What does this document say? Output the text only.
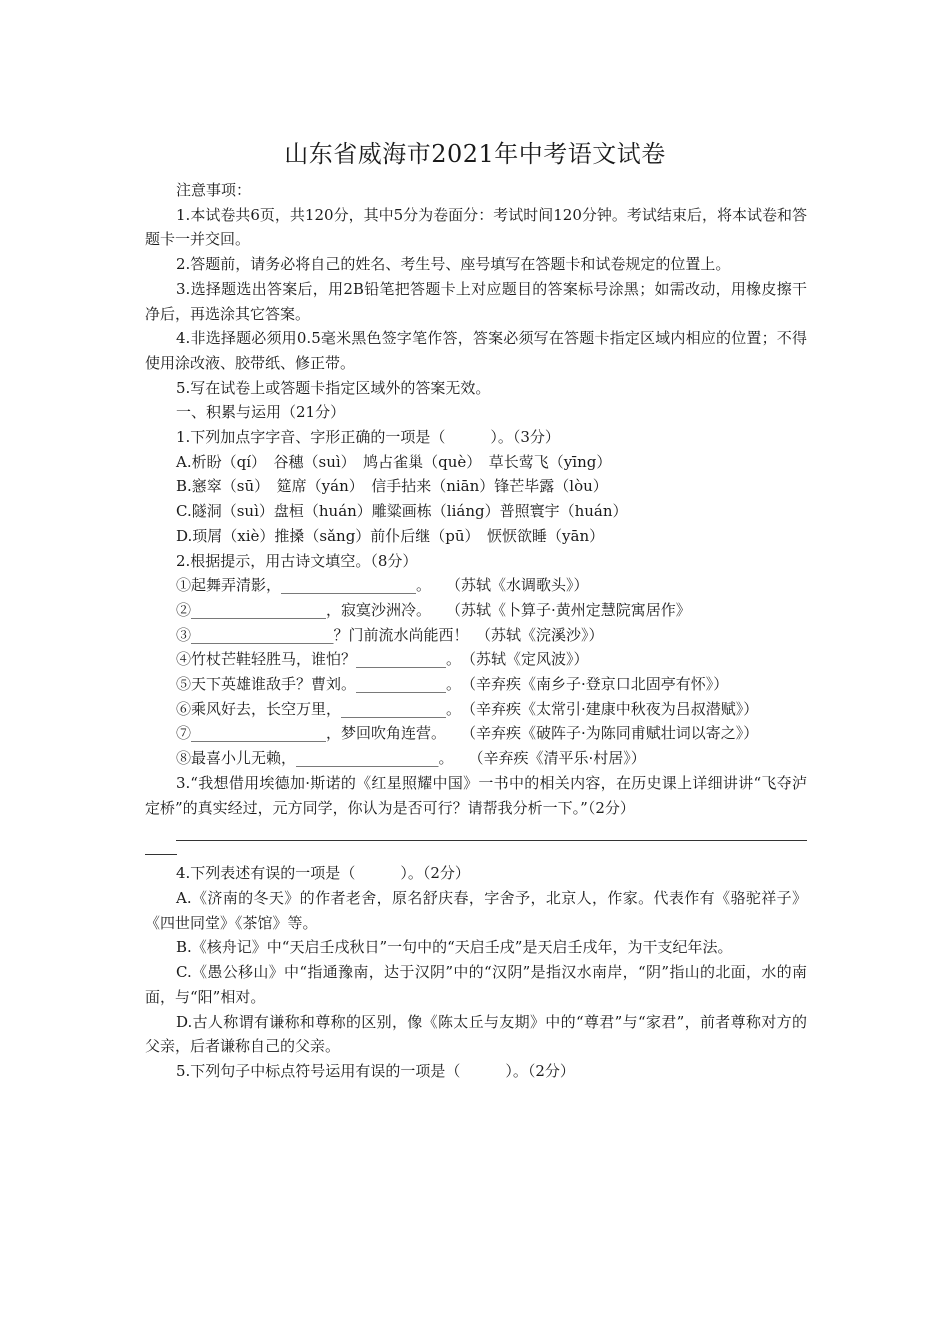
山东省威海市2021年中考语文试卷

注意事项：

1.本试卷共6页，共120分，其中5分为卷面分：考试时间120分钟。考试结束后，将本试卷和答题卡一并交回。

2.答题前，请务必将自己的姓名、考生号、座号填写在答题卡和试卷规定的位置上。

3.选择题选出答案后，用2B铅笔把答题卡上对应题目的答案标号涂黑；如需改动，用橡皮擦干净后，再选涂其它答案。

4.非选择题必须用0.5毫米黑色签字笔作答，答案必须写在答题卡指定区域内相应的位置；不得使用涂改液、胶带纸、修正带。

5.写在试卷上或答题卡指定区域外的答案无效。

一、积累与运用（21分）

1.下列加点字字音、字形正确的一项是（　　　）。（3分）

A.析盼（qí）　谷穗（suì）　鸠占雀巢（què）　草长莺飞（yīng）

B.窸窣（sū）　筵席（yán）　信手拈来（niān）锋芒毕露（lòu）

C.隧洞（suì）盘桓（huán）雕粱画栋（liáng）普照寰宇（huán）

D.顼屑（xiè）推搡（sǎng）前仆后继（pū）　恹恹欲睡（yān）

2.根据提示，用古诗文填空。（8分）

①起舞弄清影，__________________。　　（苏轼《水调歌头》）

②__________________，寂寞沙洲冷。　　（苏轼《卜算子·黄州定慧院寓居作》

③___________________？门前流水尚能西！　（苏轼《浣溪沙》）

④竹杖芒鞋轻胜马，谁怕？____________。　（苏轼《定风波》）

⑤天下英雄谁敌手？曹刘。____________。　（辛弃疾《南乡子·登京口北固亭有怀》）

⑥乘风好去，长空万里，______________。　（辛弃疾《太常引·建康中秋夜为吕叔潜赋》）

⑦__________________，梦回吹角连营。　　（辛弃疾《破阵子·为陈同甫赋壮词以寄之》）

⑧最喜小儿无赖，___________________。　　（辛弃疾《清平乐·村居》）

3.“我想借用埃德加·斯诺的《红星照耀中国》一书中的相关内容，在历史课上详细讲讲“飞夺泸定桥”的真实经过，元方同学，你认为是否可行？请帮我分析一下。”（2分）

4.下列表述有误的一项是（　　　）。（2分）

A.《济南的冬天》的作者老舍，原名舒庆春，字舍予，北京人，作家。代表作有《骆驼祥子》《四世同堂》《茶馆》等。

B.《核舟记》中“天启壬戌秋日”一句中的“天启壬戌”是天启壬戌年，为干支纪年法。

C.《愚公移山》中“指通豫南，达于汉阴”中的“汉阴”是指汉水南岸，“阴”指山的北面，水的南面，与“阳”相对。

D.古人称谓有谦称和尊称的区别，像《陈太丘与友期》中的“尊君”与“家君”，前者尊称对方的父亲，后者谦称自己的父亲。

5.下列句子中标点符号运用有误的一项是（　　　）。（2分）
